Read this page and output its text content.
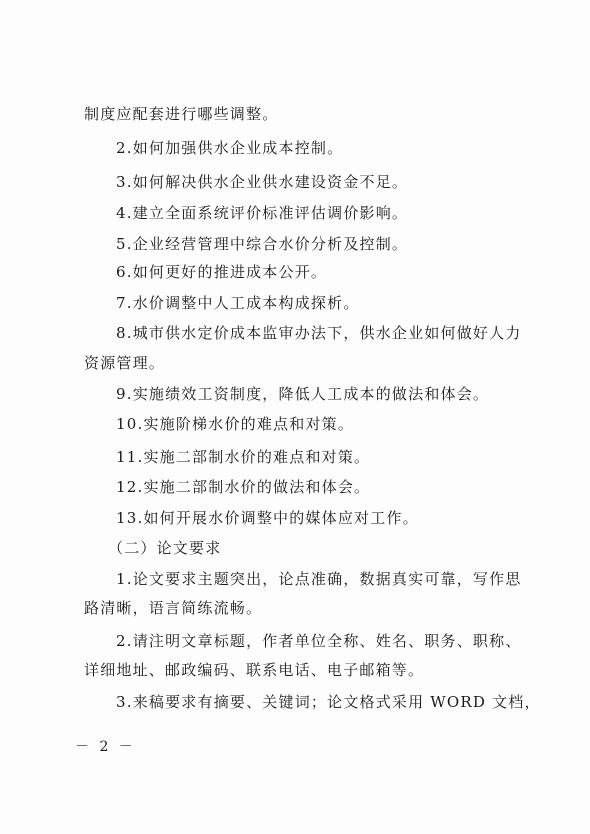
制度应配套进行哪些调整。
2.如何加强供水企业成本控制。
3.如何解决供水企业供水建设资金不足。
4.建立全面系统评价标准评估调价影响。
5.企业经营管理中综合水价分析及控制。
6.如何更好的推进成本公开。
7.水价调整中人工成本构成探析。
8.城市供水定价成本监审办法下，供水企业如何做好人力
资源管理。
9.实施绩效工资制度，降低人工成本的做法和体会。
10.实施阶梯水价的难点和对策。
11.实施二部制水价的难点和对策。
12.实施二部制水价的做法和体会。
13.如何开展水价调整中的媒体应对工作。
（二）论文要求
1.论文要求主题突出，论点准确，数据真实可靠，写作思
路清晰，语言简练流畅。
2.请注明文章标题，作者单位全称、姓名、职务、职称、
详细地址、邮政编码、联系电话、电子邮箱等。
3.来稿要求有摘要、关键词；论文格式采用 WORD 文档，
－ 2 －
